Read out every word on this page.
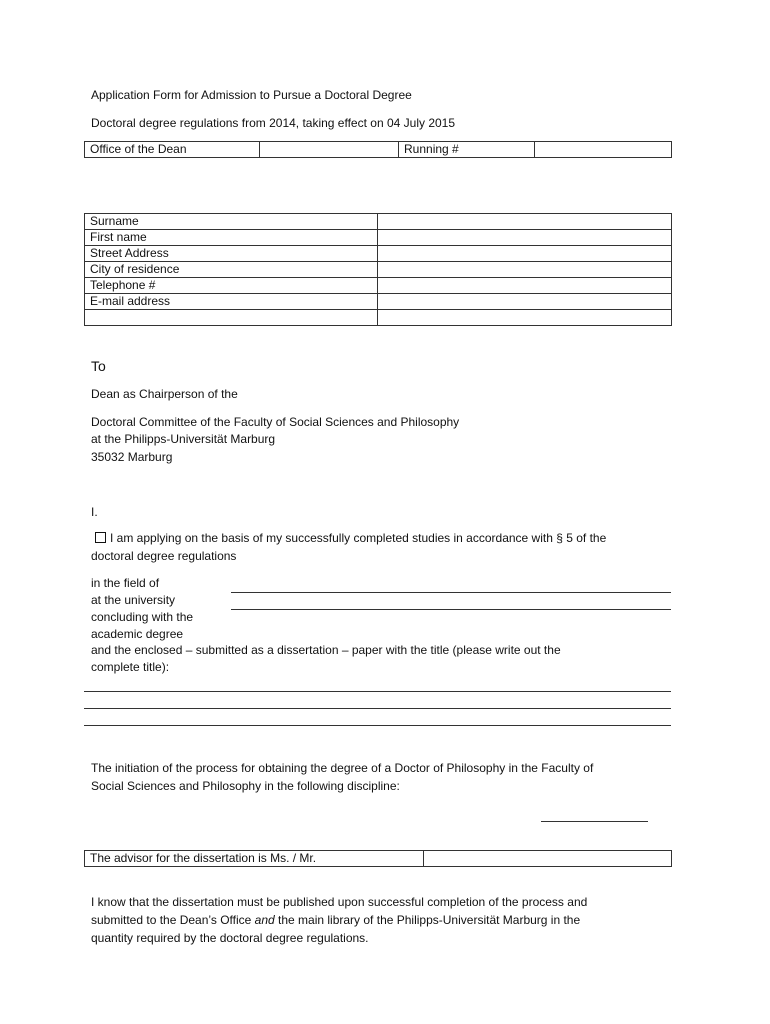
Application Form for Admission to Pursue a Doctoral Degree
Doctoral degree regulations from 2014, taking effect on 04 July 2015
Office of the Dean		Running #	
Surname	
First name	
Street Address	
City of residence	
Telephone #	
E-mail address	

To
Dean as Chairperson of the
Doctoral Committee of the Faculty of Social Sciences and Philosophy
at the Philipps-Universität Marburg
35032 Marburg
I.
I am applying on the basis of my successfully completed studies in accordance with § 5 of the
doctoral degree regulations
in the field of
at the university
concluding with the
academic degree
and the enclosed – submitted as a dissertation – paper with the title (please write out the
complete title):
The initiation of the process for obtaining the degree of a Doctor of Philosophy in the Faculty of
Social Sciences and Philosophy in the following discipline:
The advisor for the dissertation is Ms. / Mr.	
I know that the dissertation must be published upon successful completion of the process and
submitted to the Dean’s Office and the main library of the Philipps-Universität Marburg in the
quantity required by the doctoral degree regulations.
